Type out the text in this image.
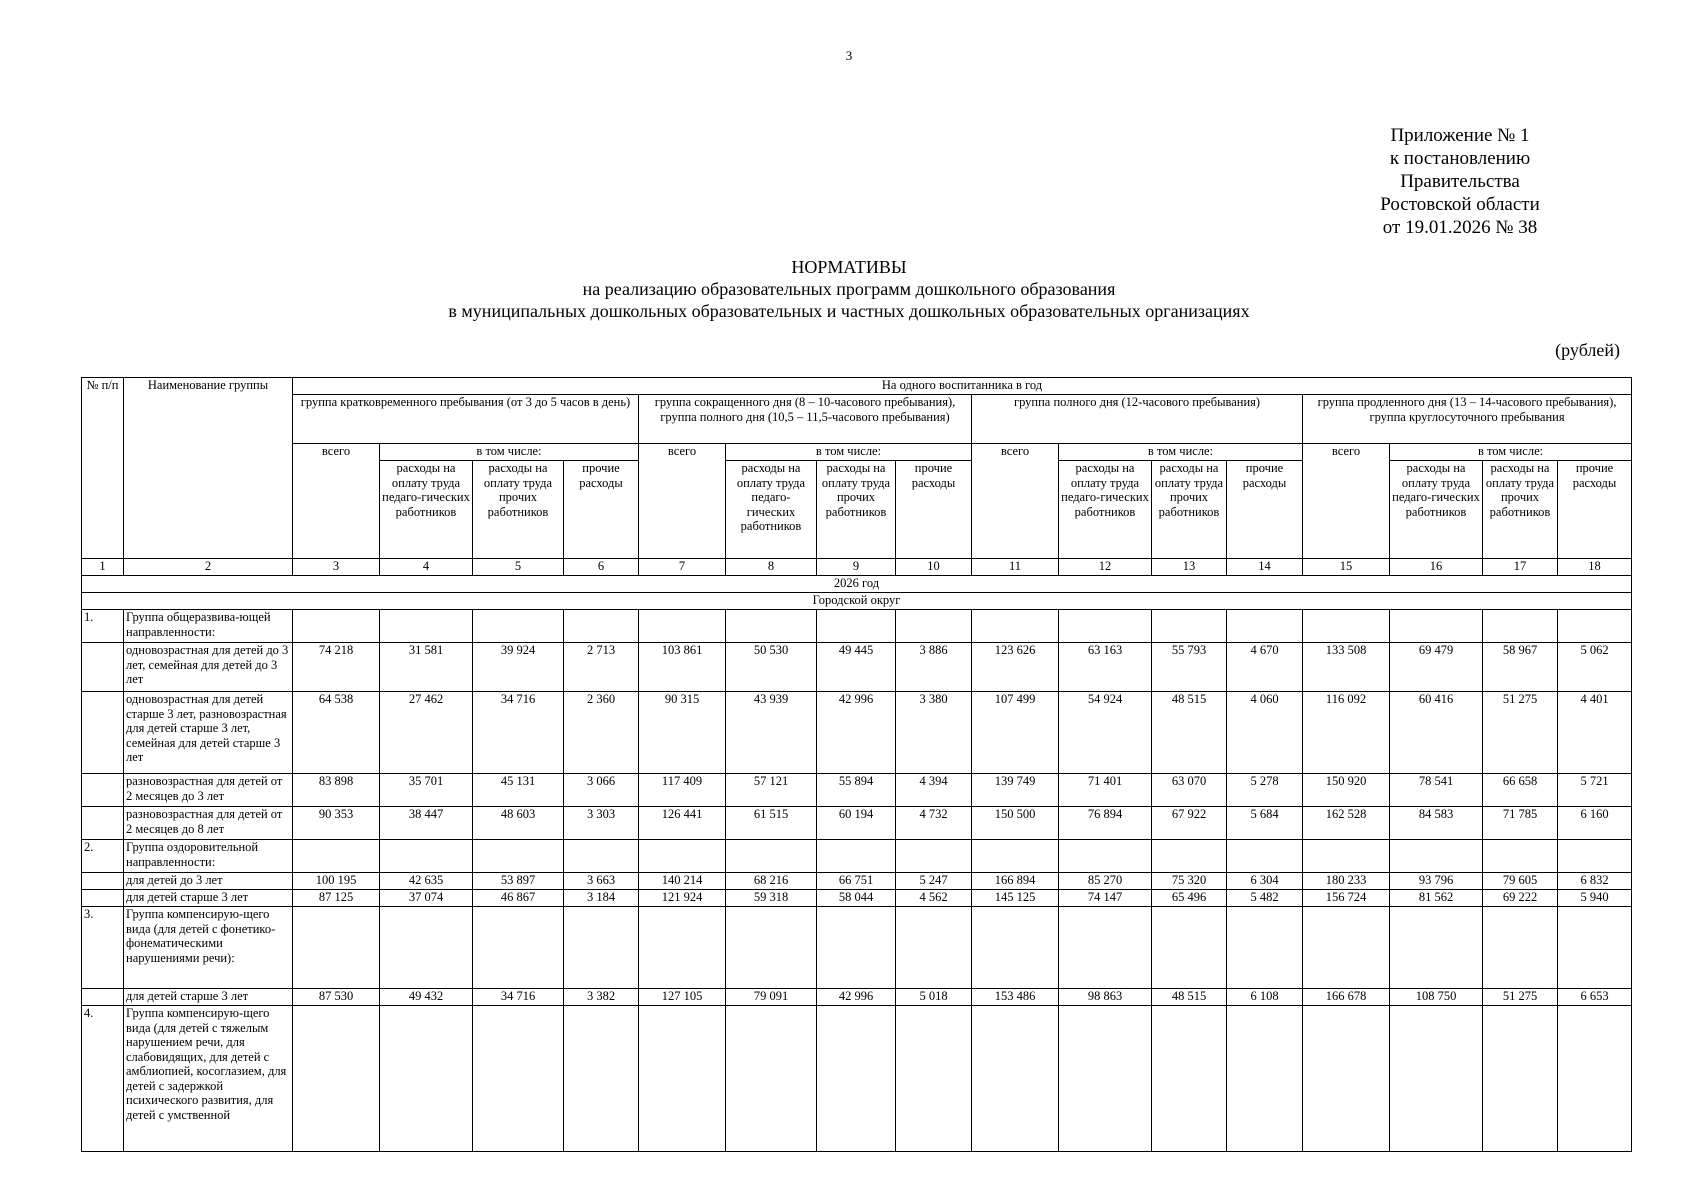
3
Приложение № 1
к постановлению
Правительства
Ростовской области
от 19.01.2026 № 38
НОРМАТИВЫ
на реализацию образовательных программ дошкольного образования
в муниципальных дошкольных образовательных и частных дошкольных образовательных организациях
(рублей)
№ п/п	Наименование группы	На одного воспитанника в год															
		группа кратковременного пребывания (от 3 до 5 часов в день)				группа сокращенного дня (8 – 10-часового пребывания), группа полного дня (10,5 – 11,5-часового пребывания)				группа полного дня (12-часового пребывания)				группа продленного дня (13 – 14-часового пребывания), группа круглосуточного пребывания			
		всего	в том числе:			всего	в том числе:			всего	в том числе:			всего	в том числе:		
			расходы на оплату труда педаго-гических работников	расходы на оплату труда прочих работников	прочие расходы		расходы на оплату труда педаго-гических работников	расходы на оплату труда прочих работников	прочие расходы		расходы на оплату труда педаго-гических работников	расходы на оплату труда прочих работников	прочие расходы		расходы на оплату труда педаго-гических работников	расходы на оплату труда прочих работников	прочие расходы
1	2	3	4	5	6	7	8	9	10	11	12	13	14	15	16	17	18
2026 год																	
Городской округ																	
1.	Группа общеразвива-ющей направленности:																
	одновозрастная для детей до 3 лет, семейная для детей до 3 лет	74 218	31 581	39 924	2 713	103 861	50 530	49 445	3 886	123 626	63 163	55 793	4 670	133 508	69 479	58 967	5 062
	одновозрастная для детей старше 3 лет, разновозрастная для детей старше 3 лет, семейная для детей старше 3 лет	64 538	27 462	34 716	2 360	90 315	43 939	42 996	3 380	107 499	54 924	48 515	4 060	116 092	60 416	51 275	4 401
	разновозрастная для детей от 2 месяцев до 3 лет	83 898	35 701	45 131	3 066	117 409	57 121	55 894	4 394	139 749	71 401	63 070	5 278	150 920	78 541	66 658	5 721
	разновозрастная для детей от 2 месяцев до 8 лет	90 353	38 447	48 603	3 303	126 441	61 515	60 194	4 732	150 500	76 894	67 922	5 684	162 528	84 583	71 785	6 160
2.	Группа оздоровительной направленности:																
	для детей до 3 лет	100 195	42 635	53 897	3 663	140 214	68 216	66 751	5 247	166 894	85 270	75 320	6 304	180 233	93 796	79 605	6 832
	для детей старше 3 лет	87 125	37 074	46 867	3 184	121 924	59 318	58 044	4 562	145 125	74 147	65 496	5 482	156 724	81 562	69 222	5 940
3.	Группа компенсирую-щего вида (для детей с фонетико-фонематическими нарушениями речи):																
	для детей старше 3 лет	87 530	49 432	34 716	3 382	127 105	79 091	42 996	5 018	153 486	98 863	48 515	6 108	166 678	108 750	51 275	6 653
4.	Группа компенсирую-щего вида (для детей с тяжелым нарушением речи, для слабовидящих, для детей с амблиопией, косоглазием, для детей с задержкой психического развития, для детей с умственной																
